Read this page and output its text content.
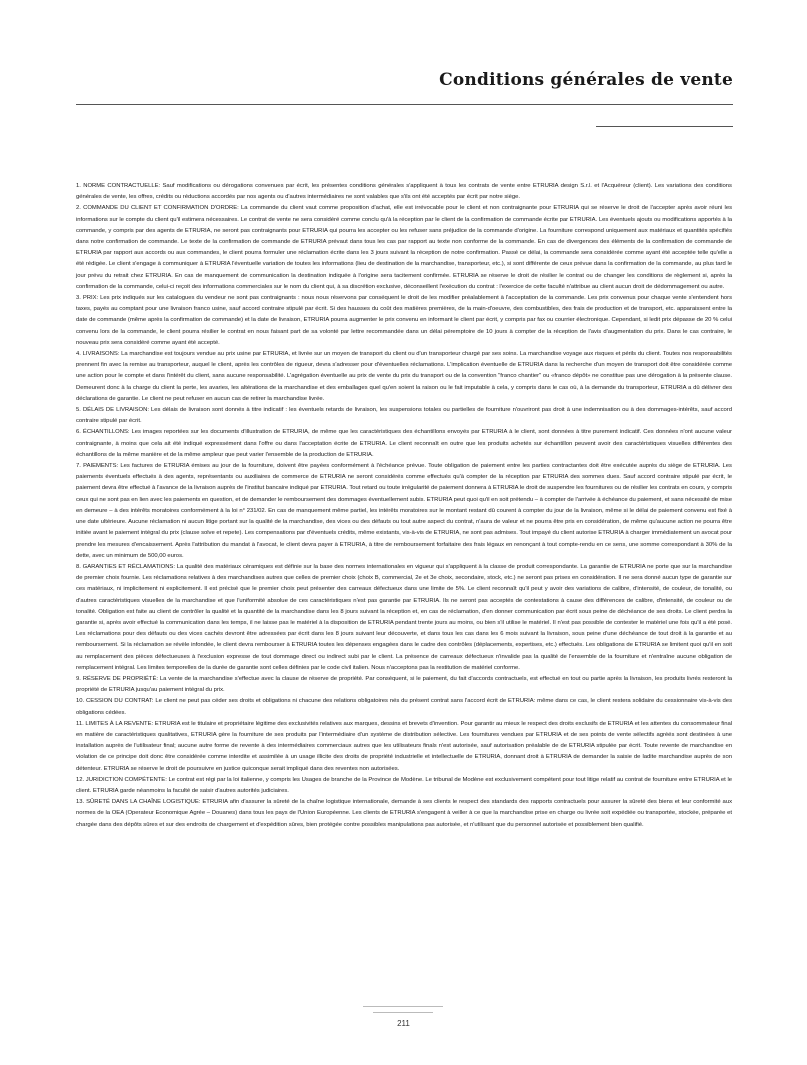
Conditions générales de vente

1. NORME CONTRACTUELLE: Sauf modifications ou dérogations convenues par écrit, les présentes conditions générales s'appliquent à tous les contrats de vente entre ETRURIA design S.r.l. et l'Acquéreur (client). Les variations des conditions générales de vente, les offres, crédits ou réductions accordés par nos agents ou d'autres intermédiaires ne sont valables que s'ils ont été acceptés par écrit par notre siège.

2. COMMANDE DU CLIENT ET CONFIRMATION D'ORDRE: La commande du client vaut comme proposition d'achat, elle est irrévocable pour le client et non contraignante pour ETRURIA qui se réserve le droit de l'accepter après avoir réuni les informations sur le compte du client qu'il estimera nécessaires. Le contrat de vente ne sera considéré comme conclu qu'à la réception par le client de la confirmation de commande écrite par ETRURIA. Les éventuels ajouts ou modifications apportés à la commande, y compris par des agents de ETRURIA, ne seront pas contraignants pour ETRURIA qui pourra les accepter ou les refuser sans préjudice de la commande d'origine. La fourniture correspond uniquement aux matériaux et quantités spécifiés dans notre confirmation de commande. Le texte de la confirmation de commande de ETRURIA prévaut dans tous les cas par rapport au texte non conforme de la commande. En cas de divergences des éléments de la confirmation de commande de ETRURIA par rapport aux accords ou aux commandes, le client pourra formuler une réclamation écrite dans les 3 jours suivant la réception de notre confirmation. Passé ce délai, la commande sera considérée comme ayant été acceptée telle qu'elle a été rédigée. Le client s'engage à communiquer à ETRURIA l'éventuelle variation de toutes les informations (lieu de destination de la marchandise, transporteur, etc.), si sont différente de ceux prévue dans la confirmation de la commande, au plus tard le jour prévu du retrait chez ETRURIA. En cas de manquement de communication la destination indiquée à l'origine sera tacitement confirmée. ETRURIA se réserve le droit de résilier le contrat ou de changer les conditions de règlement si, après la confirmation de la commande, celui-ci reçoit des informations commerciales sur le nom du client qui, à sa discrétion exclusive, déconseillent l'exécution du contrat : l'exercice de cette faculté n'attribue au client aucun droit de dédommagement ou autre.

3. PRIX: Les prix indiqués sur les catalogues du vendeur ne sont pas contraignants : nous nous réservons par conséquent le droit de les modifier préalablement à l'acceptation de la commande. Les prix convenus pour chaque vente s'entendent hors taxes, payés au comptant pour une livraison franco usine, sauf accord contraire stipulé par écrit. Si des hausses du coût des matières premières, de la main-d'oeuvre, des combustibles, des frais de production et de transport, etc. apparaissent entre la date de commande (même après la confirmation de commande) et la date de livraison, ETRURIA pourra augmenter le prix convenu en informant le client par écrit, y compris par fax ou courrier électronique. Cependant, si ledit prix dépasse de 20 % celui convenu lors de la commande, le client pourra résilier le contrat en nous faisant part de sa volonté par lettre recommandée dans un délai péremptoire de 10 jours à compter de la réception de l'avis d'augmentation du prix. Dans le cas contraire, le nouveau prix sera considéré comme ayant été accepté.

4. LIVRAISONS: La marchandise est toujours vendue au prix usine par ETRURIA, et livrée sur un moyen de transport du client ou d'un transporteur chargé par ses soins. La marchandise voyage aux risques et périls du client. Toutes nos responsabilités prennent fin avec la remise au transporteur, auquel le client, après les contrôles de rigueur, devra s'adresser pour d'éventuelles réclamations. L'implication éventuelle de ETRURIA dans la recherche d'un moyen de transport doit être considérée comme une action pour le compte et dans l'intérêt du client, sans aucune responsabilité. L'agrégation éventuelle au prix de vente du prix du transport ou de la convention "franco chantier" ou «franco dépôt» ne constitue pas une dérogation à la présente clause. Demeurent donc à la charge du client la perte, les avaries, les altérations de la marchandise et des emballages quel qu'en soient la raison ou le fait imputable à cela, y compris dans le cas où, à la demande du transporteur, ETRURIA a dû délivrer des déclarations de garantie. Le client ne peut refuser en aucun cas de retirer la marchandise livrée.

5. DÉLAIS DE LIVRAISON: Les délais de livraison sont donnés à titre indicatif : les éventuels retards de livraison, les suspensions totales ou partielles de fourniture n'ouvriront pas droit à une indemnisation ou à des dommages-intérêts, sauf accord contraire stipulé par écrit.

6. ÉCHANTILLONS: Les images reportées sur les documents d'illustration de ETRURIA, de même que les caractéristiques des échantillons envoyés par ETRURIA à le client, sont données à titre purement indicatif. Ces données n'ont aucune valeur contraignante, à moins que cela ait été indiqué expressément dans l'offre ou dans l'acceptation écrite de ETRURIA. Le client reconnaît en outre que les produits achetés sur échantillon peuvent avoir des caractéristiques visuelles différentes des échantillons de la même manière et de la même ampleur que peut varier l'ensemble de la production de ETRURIA.

7. PAIEMENTS: Les factures de ETRURIA émises au jour de la fourniture, doivent être payées conformément à l'échéance prévue. Toute obligation de paiement entre les parties contractantes doit être exécutée auprès du siège de ETRURIA. Les paiements éventuels effectués à des agents, représentants ou auxiliaires de commerce de ETRURIA ne seront considérés comme effectués qu'à compter de la réception par ETRURIA des sommes dues. Sauf accord contraire stipulé par écrit, le paiement devra être effectué à l'avance de la livraison auprès de l'institut bancaire indiqué par ETRURIA. Tout retard ou toute irrégularité de paiement donnera à ETRURIA le droit de suspendre les fournitures ou de résilier les contrats en cours, y compris ceux qui ne sont pas en lien avec les paiements en question, et de demander le remboursement des dommages éventuellement subis. ETRURIA peut quoi qu'il en soit prétendu – à compter de l'arrivée à échéance du paiement, et sans nécessité de mise en demeure – à des intérêts moratoires conformément à la loi n° 231/02. En cas de manquement même partiel, les intérêts moratoires sur le montant restant dû courent à compter du jour de la livraison, même si le délai de paiement convenu est fixé à une date ultérieure. Aucune réclamation ni aucun litige portant sur la qualité de la marchandise, des vices ou des défauts ou tout autre aspect du contrat, n'aura de valeur et ne pourra être pris en considération, de même qu'aucune action ne pourra être initiée avant le paiement intégral du prix (clause solve et repete). Les compensations par d'éventuels crédits, même existants, vis-à-vis de ETRURIA, ne sont pas admises. Tout impayé du client autorise ETRURIA à charger immédiatement un avocat pour prendre les mesures d'encaissement. Après l'attribution du mandat à l'avocat, le client devra payer à ETRURIA, à titre de remboursement forfaitaire des frais légaux en renonçant à tout compte-rendu en ce sens, une somme correspondant à 30% de la dette, avec un minimum de 500,00 euros.

8. GARANTIES ET RÉCLAMATIONS: La qualité des matériaux céramiques est définie sur la base des normes internationales en vigueur qui s'appliquent à la classe de produit correspondante. La garantie de ETRURIA ne porte que sur la marchandise de premier choix fournie. Les réclamations relatives à des marchandises autres que celles de premier choix (choix B, commercial, 2e et 3e choix, secondaire, stock, etc.) ne seront pas prises en considération. Il ne sera donné aucun type de garantie sur ces matériaux, ni implicitement ni explicitement. Il est précisé que le premier choix peut présenter des carreaux défectueux dans une limite de 5%. Le client reconnaît qu'il peut y avoir des variations de calibre, d'intensité, de couleur, de tonalité, ou d'autres caractéristiques visuelles de la marchandise et que l'uniformité absolue de ces caractéristiques n'est pas garantie par ETRURIA. Ils ne seront pas acceptés de contestations à cause des différences de calibre, d'intensité, de couleur ou de tonalité. Obligation est faite au client de contrôler la qualité et la quantité de la marchandise dans les 8 jours suivant la réception et, en cas de réclamation, d'en donner communication par écrit sous peine de déchéance de ses droits. Le client perdra la garantie si, après avoir effectué la communication dans les temps, il ne laisse pas le matériel à la disposition de ETRURIA pendant trente jours au moins, ou bien s'il utilise le matériel. Il n'est pas possible de contester le matériel une fois qu'il a été posé. Les réclamations pour des défauts ou des vices cachés devront être adressées par écrit dans les 8 jours suivant leur découverte, et dans tous les cas dans les 6 mois suivant la livraison, sous peine d'une déchéance de tout droit à la garantie et au remboursement. Si la réclamation se révèle infondée, le client devra rembourser à ETRURIA toutes les dépenses engagées dans le cadre des contrôles (déplacements, expertises, etc.) effectués. Les obligations de ETRURIA se limitent quoi qu'il en soit au remplacement des pièces défectueuses à l'exclusion expresse de tout dommage direct ou indirect subi par le client. La présence de carreaux défectueux n'invalide pas la qualité de l'ensemble de la fourniture et n'entraîne aucune obligation de remplacement intégral. Les limites temporelles de la durée de garantie sont celles définies par le code civil italien. Nous n'acceptons pas la restitution de matériel conforme.

9. RÉSERVE DE PROPRIÉTÉ: La vente de la marchandise s'effectue avec la clause de réserve de propriété. Par conséquent, si le paiement, du fait d'accords contractuels, est effectué en tout ou partie après la livraison, les produits livrés resteront la propriété de ETRURIA jusqu'au paiement intégral du prix.

10. CESSION DU CONTRAT: Le client ne peut pas céder ses droits et obligations ni chacune des relations obligatoires nés du présent contrat sans l'accord écrit de ETRURIA: même dans ce cas, le client restera solidaire du cessionnaire vis-à-vis des obligations cédées.

11. LIMITES À LA REVENTE: ETRURIA est le titulaire et propriétaire légitime des exclusivités relatives aux marques, dessins et brevets d'invention. Pour garantir au mieux le respect des droits exclusifs de ETRURIA et les attentes du consommateur final en matière de caractéristiques qualitatives, ETRURIA gère la fourniture de ses produits par l'intermédiaire d'un système de distribution sélective. Les fournitures vendues par ETRURIA et de ses points de vente sélectifs agréés sont destinées à une installation auprès de l'utilisateur final; aucune autre forme de revente à des intermédiaires commerciaux autres que les utilisateurs finals n'est autorisée, sauf autorisation préalable de de ETRURIA stipulée par écrit. Toute revente de marchandise en violation de ce principe doit donc être considérée comme interdite et assimilée à un usage illicite des droits de propriété industrielle et intellectuelle de ETRURIA, donnant droit à ETRURIA de demander la saisie de ladite marchandise auprès de son détenteur. ETRURIA se réserve le droit de poursuivre en justice quiconque serait impliqué dans des reventes non autorisées.

12. JURIDICTION COMPÉTENTE: Le contrat est régi par la loi italienne, y compris les Usages de branche de la Province de Modène. Le tribunal de Modène est exclusivement compétent pour tout litige relatif au contrat de fourniture entre ETRURIA et le client. ETRURIA garde néanmoins la faculté de saisir d'autres autorités judiciaires.

13. SÛRETÉ DANS LA CHAÎNE LOGISTIQUE: ETRURIA afin d'assurer la sûreté de la chaîne logistique internationale, demande à ses clients le respect des standards des rapports contractuels pour assurer la sûreté des biens et leur conformité aux normes de la OEA (Operateur Economique Agrée – Douanes) dans tous les pays de l'Union Européenne. Les clients de ETRURIA s'engagent à veiller à ce que la marchandise prise en charge ou livrée soit expédiée ou transportée, stockée, préparée et chargée dans des dépôts sûres et sur des endroits de chargement et d'expédition sûres, bien protégée contre possibles manipulations pas autorisée, et n'utilisant que du personnel autorisée et possiblement bien qualifié.

211
